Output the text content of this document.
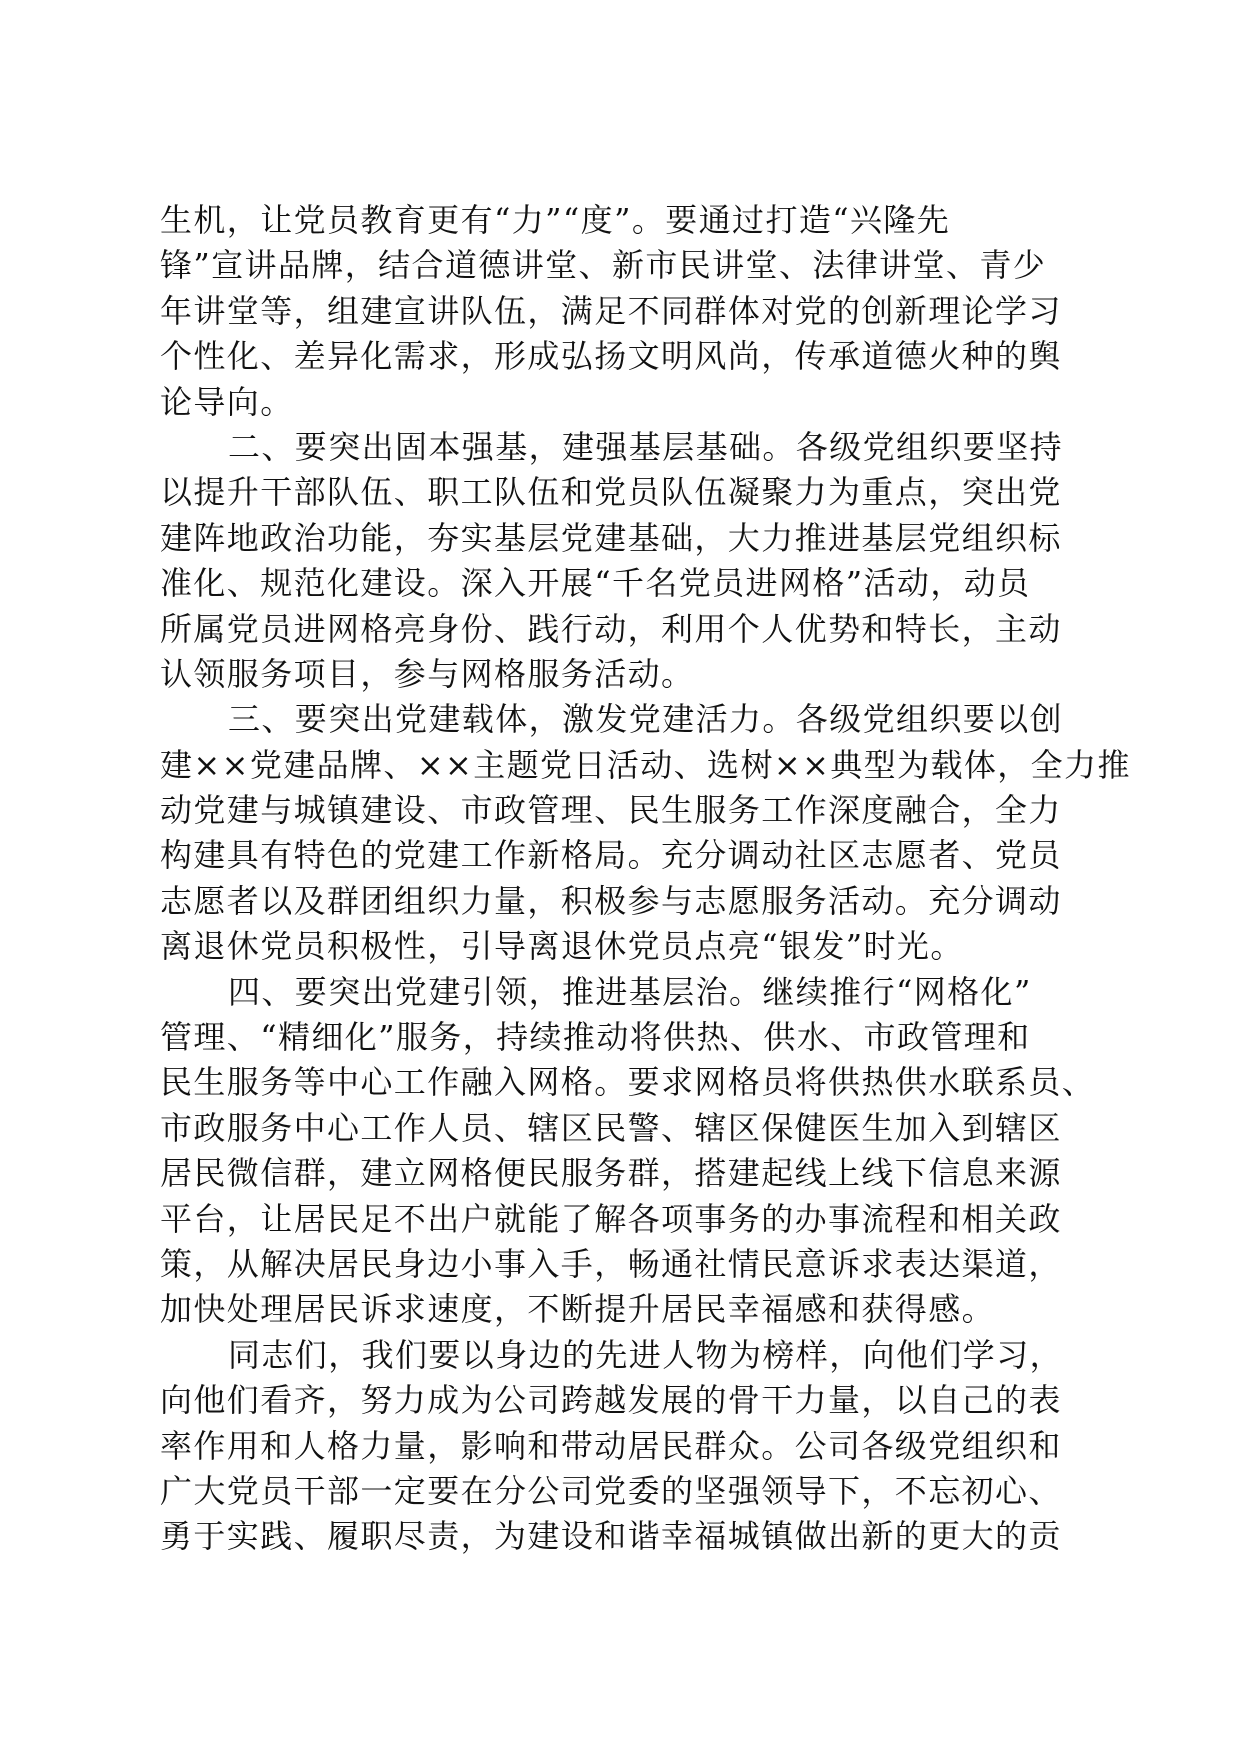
生机，让党员教育更有“力”“度”。要通过打造“兴隆先
锋”宣讲品牌，结合道德讲堂、新市民讲堂、法律讲堂、青少
年讲堂等，组建宣讲队伍，满足不同群体对党的创新理论学习
个性化、差异化需求，形成弘扬文明风尚，传承道德火种的舆
论导向。
二、要突出固本强基，建强基层基础。各级党组织要坚持
以提升干部队伍、职工队伍和党员队伍凝聚力为重点，突出党
建阵地政治功能，夯实基层党建基础，大力推进基层党组织标
准化、规范化建设。深入开展“千名党员进网格”活动，动员
所属党员进网格亮身份、践行动，利用个人优势和特长，主动
认领服务项目，参与网格服务活动。
三、要突出党建载体，激发党建活力。各级党组织要以创
建××党建品牌、××主题党日活动、选树××典型为载体，全力推
动党建与城镇建设、市政管理、民生服务工作深度融合，全力
构建具有特色的党建工作新格局。充分调动社区志愿者、党员
志愿者以及群团组织力量，积极参与志愿服务活动。充分调动
离退休党员积极性，引导离退休党员点亮“银发”时光。
四、要突出党建引领，推进基层治。继续推行“网格化”
管理、“精细化”服务，持续推动将供热、供水、市政管理和
民生服务等中心工作融入网格。要求网格员将供热供水联系员、
市政服务中心工作人员、辖区民警、辖区保健医生加入到辖区
居民微信群，建立网格便民服务群，搭建起线上线下信息来源
平台，让居民足不出户就能了解各项事务的办事流程和相关政
策，从解决居民身边小事入手，畅通社情民意诉求表达渠道，
加快处理居民诉求速度，不断提升居民幸福感和获得感。
同志们，我们要以身边的先进人物为榜样，向他们学习，
向他们看齐，努力成为公司跨越发展的骨干力量，以自己的表
率作用和人格力量，影响和带动居民群众。公司各级党组织和
广大党员干部一定要在分公司党委的坚强领导下，不忘初心、
勇于实践、履职尽责，为建设和谐幸福城镇做出新的更大的贡
